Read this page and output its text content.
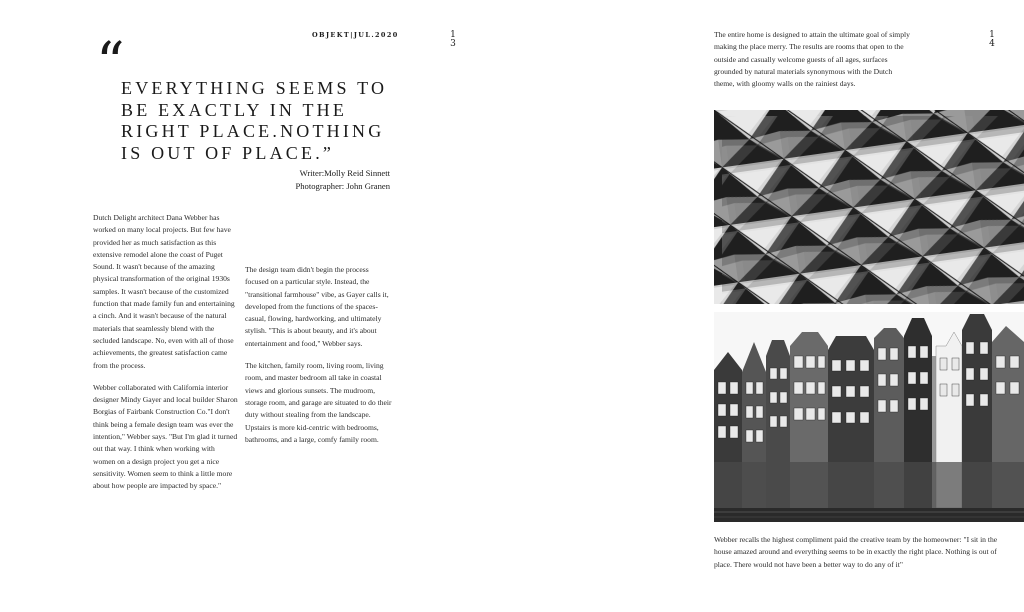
OBJEKT|JUL.2020	1
3
“
EVERYTHING SEEMS TO BE EXACTLY IN THE RIGHT PLACE.NOTHING IS OUT OF PLACE.”
Writer:Molly Reid Sinnett
Photographer: John Granen

Dutch Delight architect Dana Webber has worked on many local projects. But few have provided her as much satisfaction as this extensive remodel alone the coast of Puget Sound. It wasn't because of the amazing physical transformation of the original 1930s samples. It wasn't because of the customized function that made family fun and entertaining a cinch. And it wasn't because of the natural materials that seamlessly blend with the secluded landscape. No, even with all of those achievements, the greatest satisfaction came from the process.

Webber collaborated with California interior designer Mindy Gayer and local builder Sharon Borgias of Fairbank Construction Co."I don't think being a female design team was ever the intention," Webber says. "But I'm glad it turned out that way. I think when working with women on a design project you get a nice sensitivity. Women seem to think a little more about how people are impacted by space."

The design team didn't begin the process focused on a particular style. Instead, the "transitional farmhouse" vibe, as Gayer calls it, developed from the functions of the spaces-casual, flowing, hardworking, and ultimately stylish. "This is about beauty, and it's about entertainment and food," Webber says.

The kitchen, family room, living room, living room, and master bedroom all take in coastal views and glorious sunsets. The mudroom, storage room, and garage are situated to do their duty without stealing from the landscape. Upstairs is more kid-centric with bedrooms, bathrooms, and a large, comfy family room.

The entire home is designed to attain the ultimate goal of simply making the place merry. The results are rooms that open to the outside and casually welcome guests of all ages, surfaces grounded by natural materials synonymous with the Dutch theme, with gloomy walls on the rainiest days.
1
4
Webber recalls the highest compliment paid the creative team by the homeowner: "I sit in the house amazed around and everything seems to be in exactly the right place. Nothing is out of place. There would not have been a better way to do any of it"
